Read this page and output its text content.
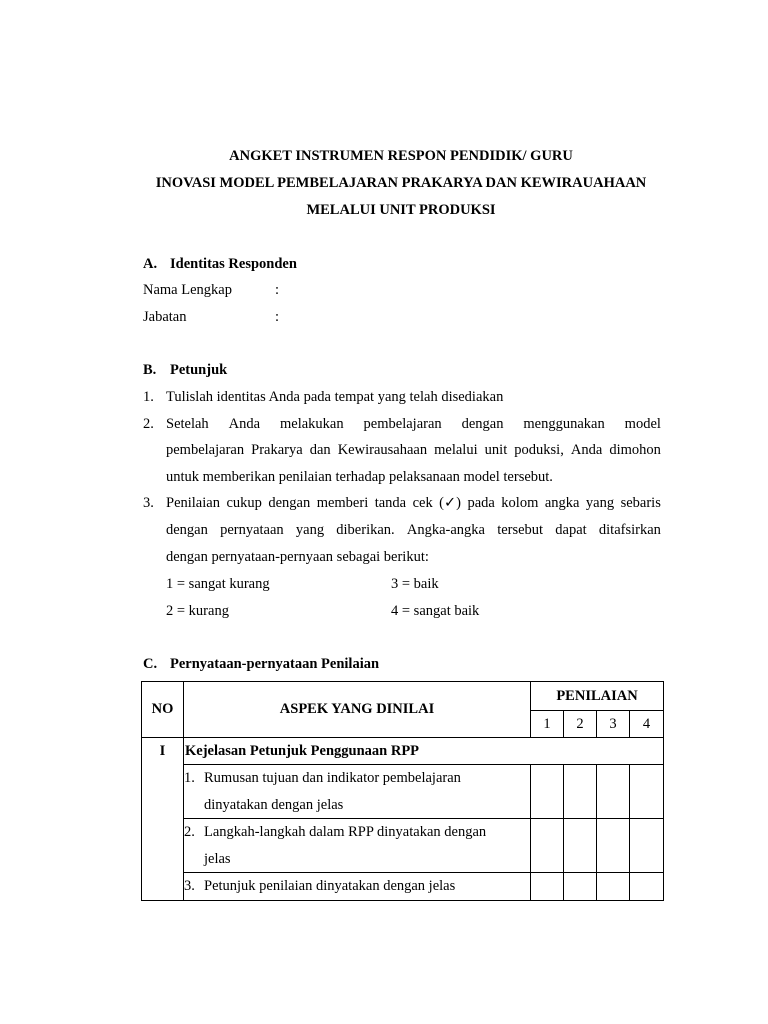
ANGKET INSTRUMEN RESPON PENDIDIK/ GURU
INOVASI MODEL PEMBELAJARAN PRAKARYA DAN KEWIRAUAHAAN
MELALUI UNIT PRODUKSI
A. Identitas Responden
Nama Lengkap	:
Jabatan	:
B. Petunjuk
1. Tulislah identitas Anda pada tempat yang telah disediakan
2. Setelah Anda melakukan pembelajaran dengan menggunakan model
pembelajaran Prakarya dan Kewirausahaan melalui unit poduksi, Anda dimohon
untuk memberikan penilaian terhadap pelaksanaan model tersebut.
3. Penilaian cukup dengan memberi tanda cek (✓) pada kolom angka yang sebaris
dengan pernyataan yang diberikan. Angka-angka tersebut dapat ditafsirkan
dengan pernyataan-pernyaan sebagai berikut:
1 = sangat kurang	3 = baik
2 = kurang	4 = sangat baik
C. Pernyataan-pernyataan Penilaian
NO	ASPEK YANG DINILAI	PENILAIAN			
		1	2	3	4
I	Kejelasan Petunjuk Penggunaan RPP				

	1. Rumusan tujuan dan indikator pembelajaran
dinyatakan dengan jelas				

	2. Langkah-langkah dalam RPP dinyatakan dengan
jelas				

	3. Petunjuk penilaian dinyatakan dengan jelas				
